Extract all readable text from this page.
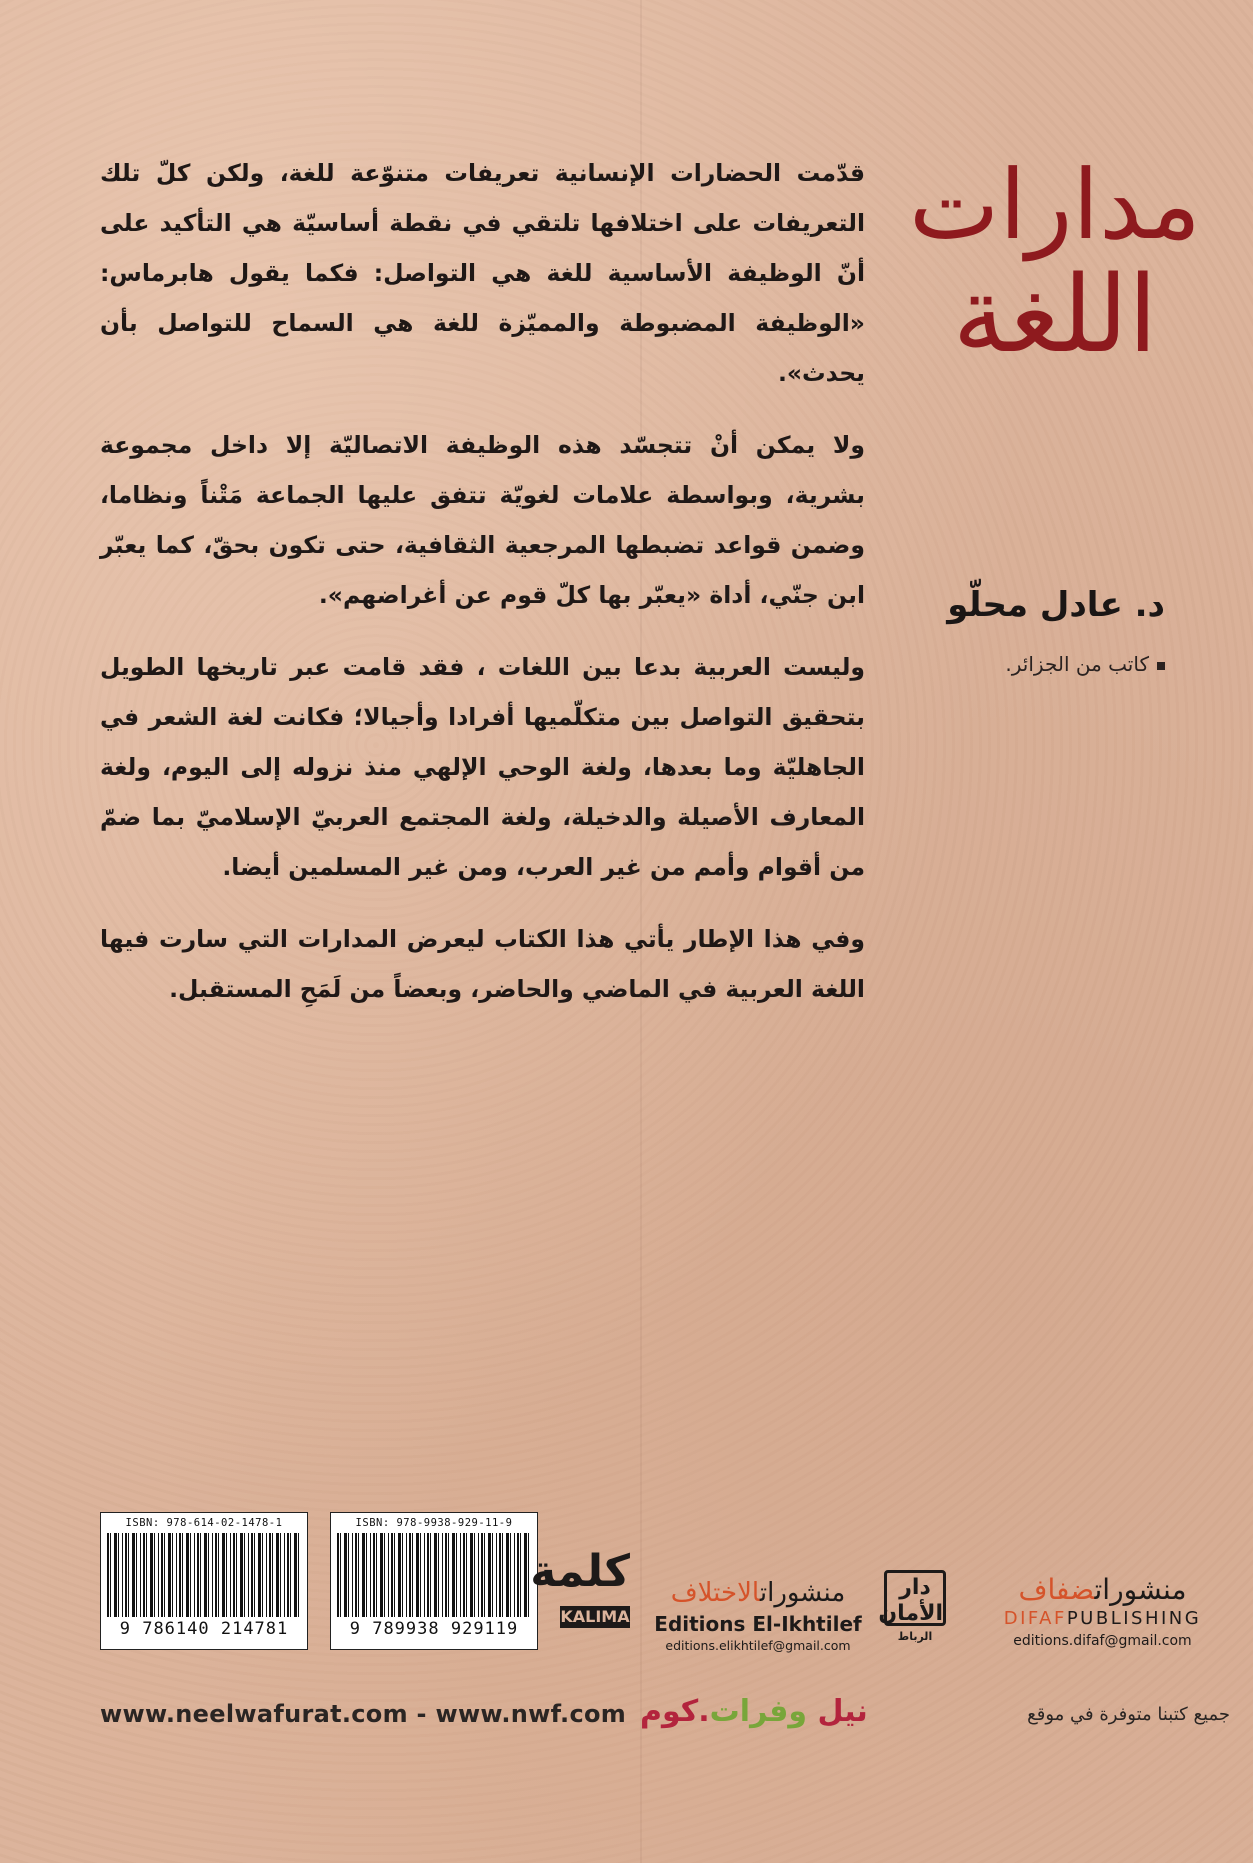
مدارات
اللغة
د. عادل محلّو
كاتب من الجزائر.

قدّمت الحضارات الإنسانية تعريفات متنوّعة للغة، ولكن كلّ تلك التعريفات على اختلافها تلتقي في نقطة أساسيّة هي التأكيد على أنّ الوظيفة الأساسية للغة هي التواصل: فكما يقول هابرماس: «الوظيفة المضبوطة والمميّزة للغة هي السماح للتواصل بأن يحدث».

ولا يمكن أنْ تتجسّد هذه الوظيفة الاتصاليّة إلا داخل مجموعة بشرية، وبواسطة علامات لغويّة تتفق عليها الجماعة مَتْناً ونظاما، وضمن قواعد تضبطها المرجعية الثقافية، حتى تكون بحقّ، كما يعبّر ابن جنّي، أداة «يعبّر بها كلّ قوم عن أغراضهم».

وليست العربية بدعا بين اللغات ، فقد قامت عبر تاريخها الطويل بتحقيق التواصل بين متكلّميها أفرادا وأجيالا؛ فكانت لغة الشعر في الجاهليّة وما بعدها، ولغة الوحي الإلهي منذ نزوله إلى اليوم، ولغة المعارف الأصيلة والدخيلة، ولغة المجتمع العربيّ الإسلاميّ بما ضمّ من أقوام وأمم من غير العرب، ومن غير المسلمين أيضا.

وفي هذا الإطار يأتي هذا الكتاب ليعرض المدارات التي سارت فيها اللغة العربية في الماضي والحاضر، وبعضاً من لَمَحِ المستقبل.

ISBN: 978-614-02-1478-1
9 786140 214781
ISBN: 978-9938-929-11-9
9 789938 929119
كلمة
KALIMA
منشوراتالاختلاف
Editions El-Ikhtilef
editions.elikhtilef@gmail.com
دار الأمان
الرباط
منشوراتضفاف
DIFAFPUBLISHING
editions.difaf@gmail.com
www.neelwafurat.com - www.nwf.com	نيل وفرات.كوم	جميع كتبنا متوفرة في موقع
